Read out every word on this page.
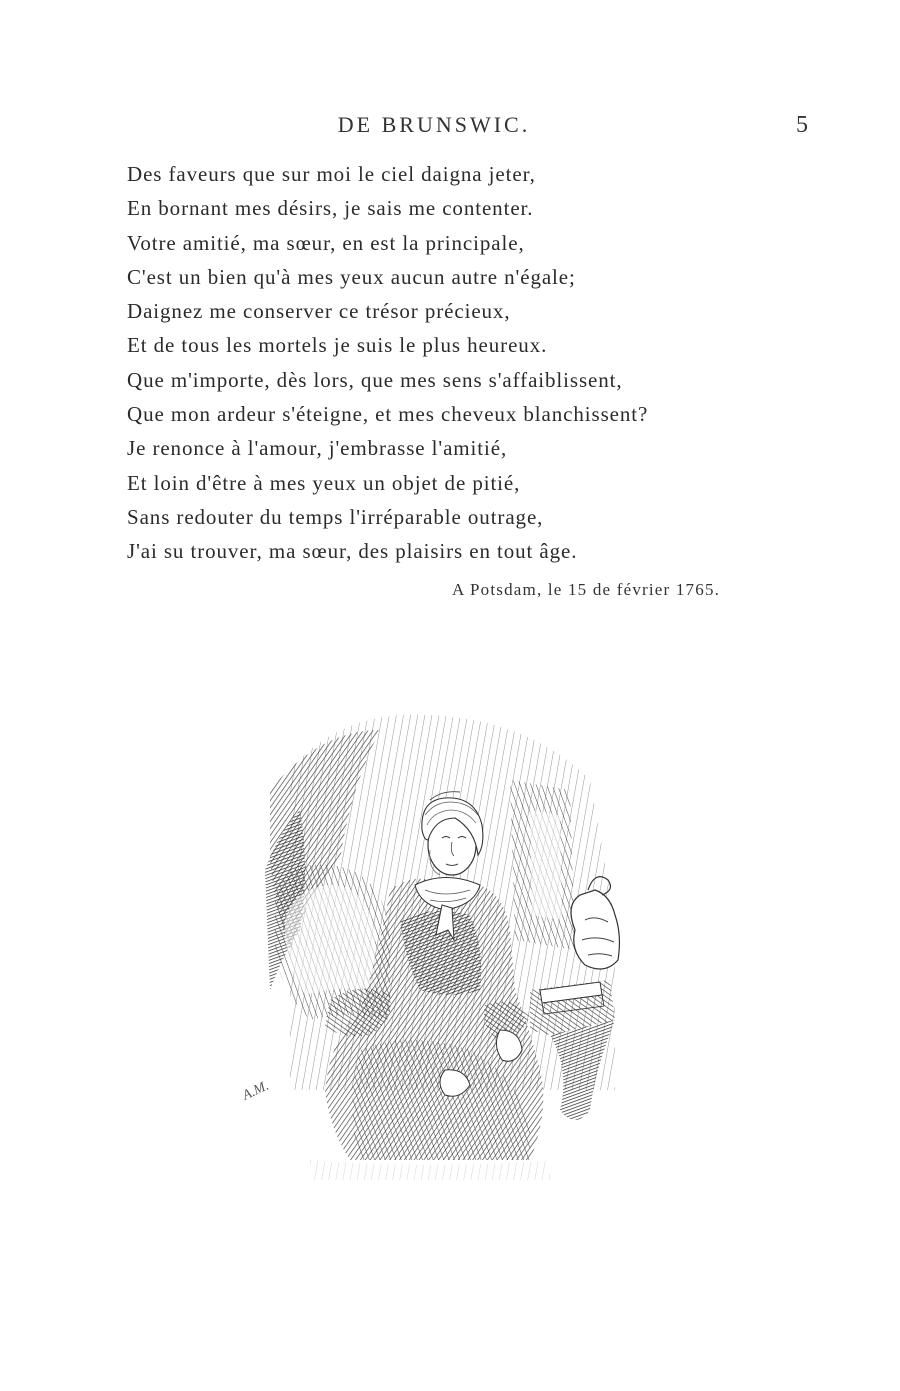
DE BRUNSWIC.	5
Des faveurs que sur moi le ciel daigna jeter,
En bornant mes désirs, je sais me contenter.
Votre amitié, ma sœur, en est la principale,
C'est un bien qu'à mes yeux aucun autre n'égale;
Daignez me conserver ce trésor précieux,
Et de tous les mortels je suis le plus heureux.
Que m'importe, dès lors, que mes sens s'affaiblissent,
Que mon ardeur s'éteigne, et mes cheveux blanchissent?
Je renonce à l'amour, j'embrasse l'amitié,
Et loin d'être à mes yeux un objet de pitié,
Sans redouter du temps l'irréparable outrage,
J'ai su trouver, ma sœur, des plaisirs en tout âge.
A Potsdam, le 15 de février 1765.
A.M.
